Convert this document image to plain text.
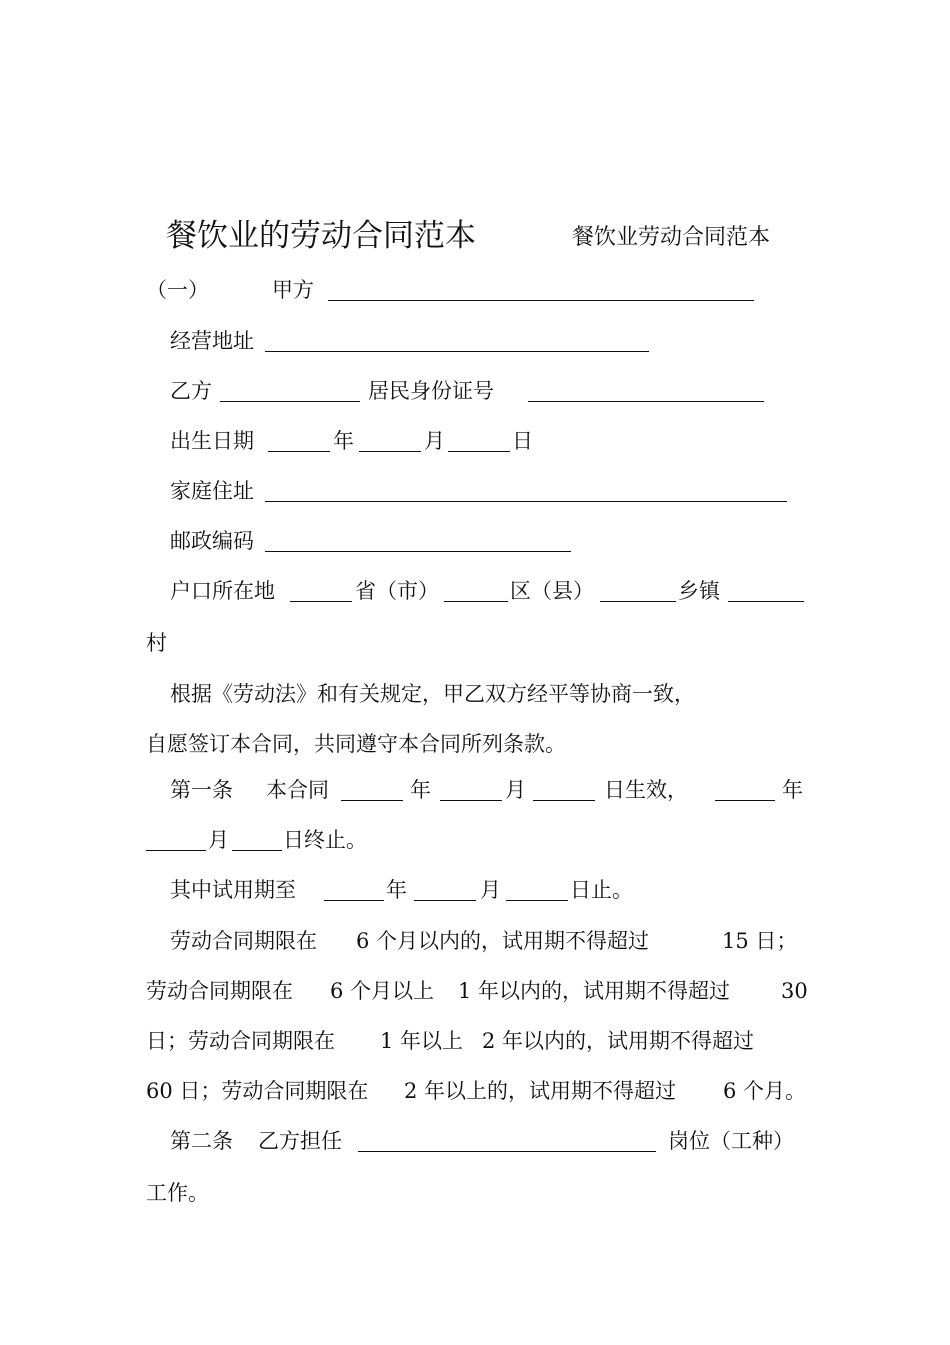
餐饮业的劳动合同范本	餐饮业劳动合同范本
（一）	甲方
经营地址
乙方	居民身份证号
出生日期	年	月	日
家庭住址
邮政编码
户口所在地	省（市）	区（县）	乡镇
村
根据《劳动法》和有关规定，甲乙双方经平等协商一致，
自愿签订本合同，共同遵守本合同所列条款。
第一条 本合同	年	月	日生效，	年
月	日终止。
其中试用期至	年	月	日止。
劳动合同期限在 6 个月以内的，试用期不得超过	15 日；
劳动合同期限在 6 个月以上 1 年以内的，试用期不得超过 30
日；劳动合同期限在 1 年以上 2 年以内的，试用期不得超过
60 日；劳动合同期限在 2 年以上的，试用期不得超过 6 个月。
第二条 乙方担任	岗位（工种）
工作。
